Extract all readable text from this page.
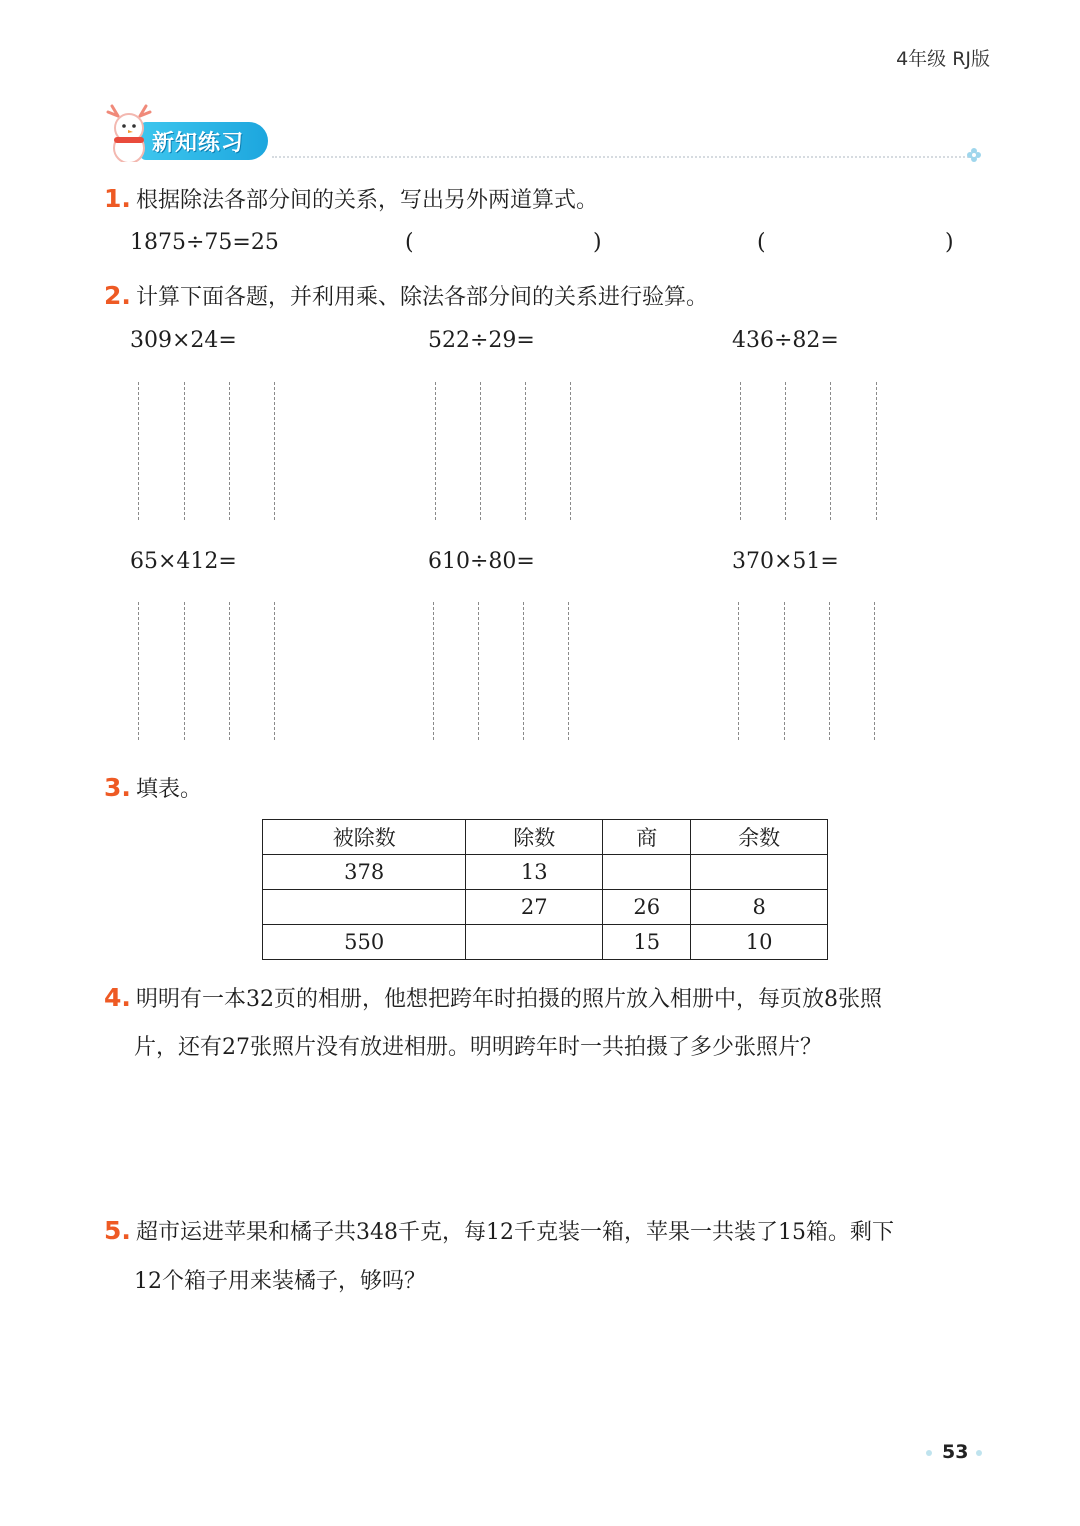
4年级 RJ版
新知练习
1. 根据除法各部分间的关系，写出另外两道算式。
1875÷75=25	(	)	(	)
2. 计算下面各题，并利用乘、除法各部分间的关系进行验算。
309×24=	522÷29=	436÷82=
65×412=	610÷80=	370×51=
3. 填表。
被除数	除数	商	余数
378	13		
	27	26	8
550		15	10
4. 明明有一本32页的相册，他想把跨年时拍摄的照片放入相册中，每页放8张照
片，还有27张照片没有放进相册。明明跨年时一共拍摄了多少张照片？
5. 超市运进苹果和橘子共348千克，每12千克装一箱，苹果一共装了15箱。剩下
12个箱子用来装橘子，够吗？
53
